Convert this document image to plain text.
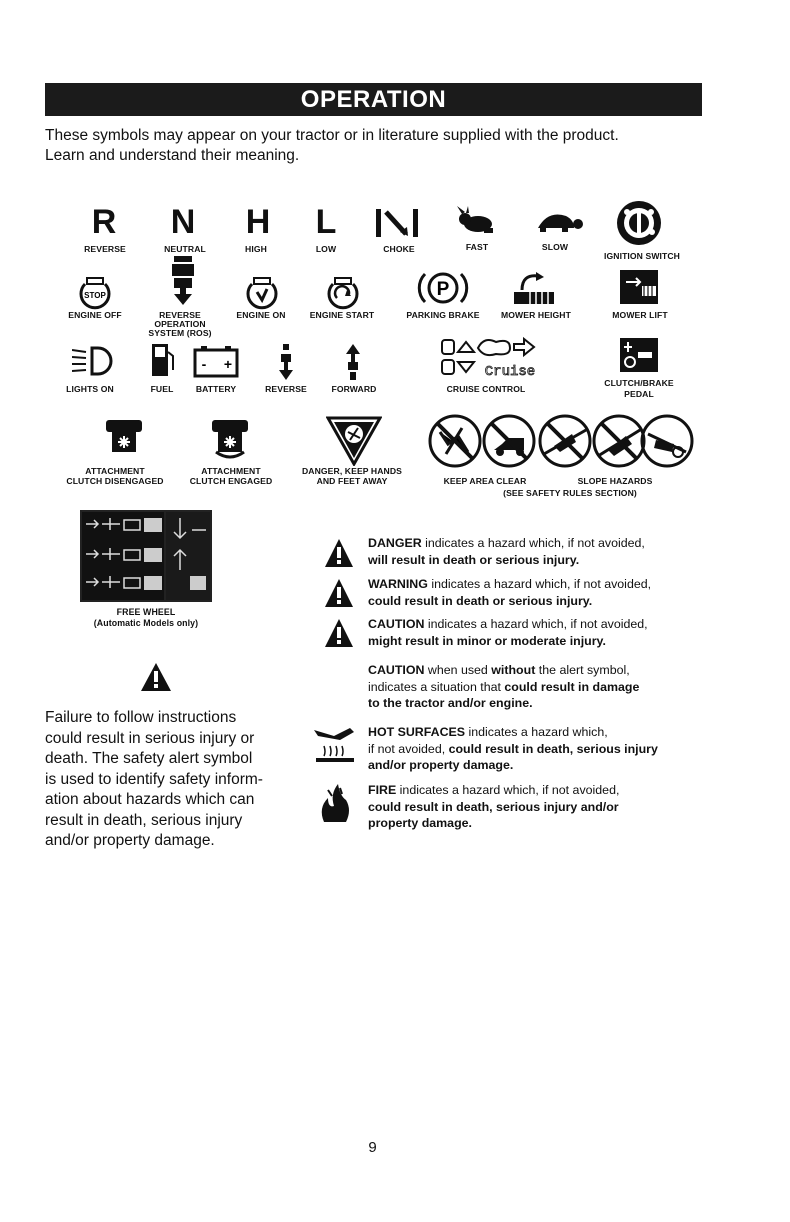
OPERATION
These symbols may appear on your tractor or in literature supplied with the product.
Learn and understand their meaning.
R
REVERSE
N
NEUTRAL
H
HIGH
L
LOW	CHOKE	FAST	SLOW
IGNITION SWITCH
STOP
ENGINE OFF	REVERSE
OPERATION
SYSTEM (ROS)
ENGINE ON	ENGINE START
P
PARKING BRAKE	MOWER HEIGHT	MOWER LIFT
LIGHTS ON	FUEL
- +
BATTERY	REVERSE	FORWARD
Cruise
CRUISE CONTROL
CLUTCH/BRAKE
PEDAL
ATTACHMENT
CLUTCH DISENGAGED
ATTACHMENT
CLUTCH ENGAGED
DANGER, KEEP HANDS
AND FEET AWAY	KEEP AREA CLEAR	SLOPE HAZARDS
(SEE SAFETY RULES SECTION)
FREE WHEEL
(Automatic Models only)
Failure to follow instructions
could result in serious injury or
death. The safety alert symbol
is used to identify safety inform-
ation about hazards which can
result in death, serious injury
and/or property damage.
DANGER indicates a hazard which, if not avoided,
will result in death or serious injury.
WARNING indicates a hazard which, if not avoided,
could result in death or serious injury.
CAUTION indicates a hazard which, if not avoided,
might result in minor or moderate injury.
CAUTION when used without the alert symbol,
indicates a situation that could result in damage
to the tractor and/or engine.
HOT SURFACES indicates a hazard which,
if not avoided, could result in death, serious injury
and/or property damage.
FIRE indicates a hazard which, if not avoided,
could result in death, serious injury and/or
property damage.
9
